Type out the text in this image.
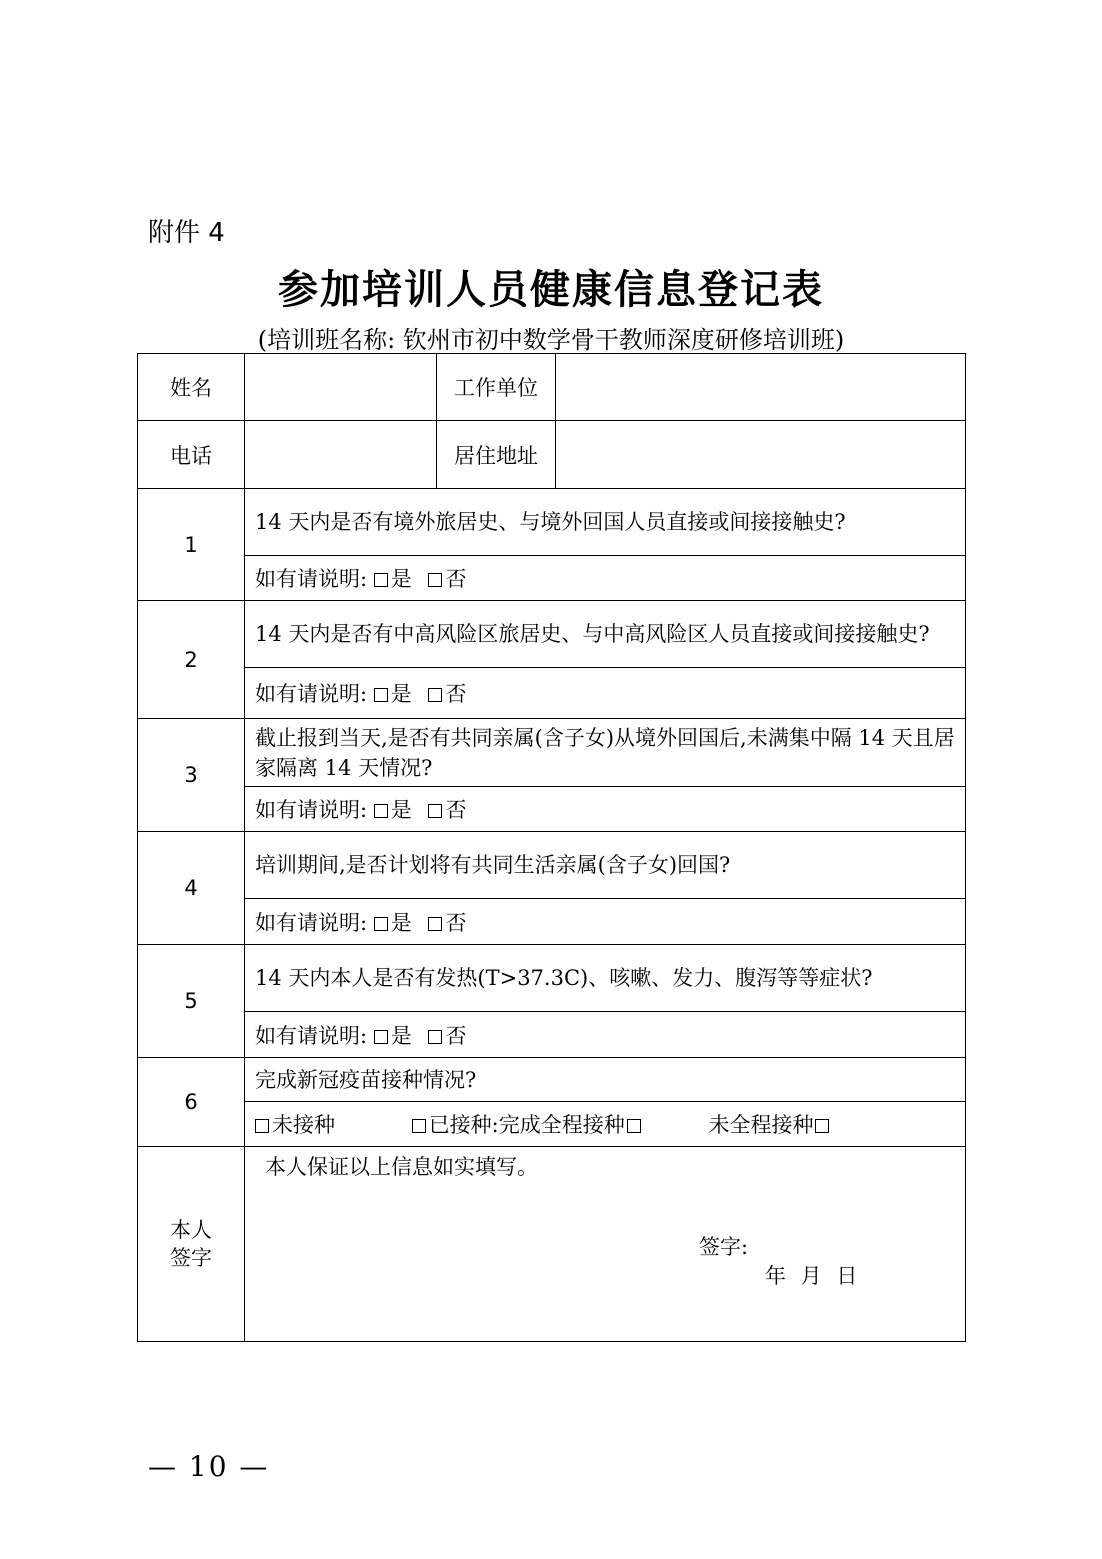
附件 4
参加培训人员健康信息登记表
(培训班名称: 钦州市初中数学骨干教师深度研修培训班)
姓名		工作单位	
电话		居住地址	
1	14 天内是否有境外旅居史、与境外回国人员直接或间接接触史?		
	如有请说明: 是 否		
2	14 天内是否有中高风险区旅居史、与中高风险区人员直接或间接接触史?		
	如有请说明: 是 否		
3	截止报到当天,是否有共同亲属(含子女)从境外回国后,未满集中隔 14 天且居家隔离 14 天情况?		
	如有请说明: 是 否		
4	培训期间,是否计划将有共同生活亲属(含子女)回国?		
	如有请说明: 是 否		
5	14 天内本人是否有发热(T>37.3C)、咳嗽、发力、腹泻等等症状?		
	如有请说明: 是 否		
6	完成新冠疫苗接种情况?		
	未接种 已接种:完成全程接种 未全程接种		
本人
签字	本人保证以上信息如实填写。
签字:
年 月 日		
— 10 —
